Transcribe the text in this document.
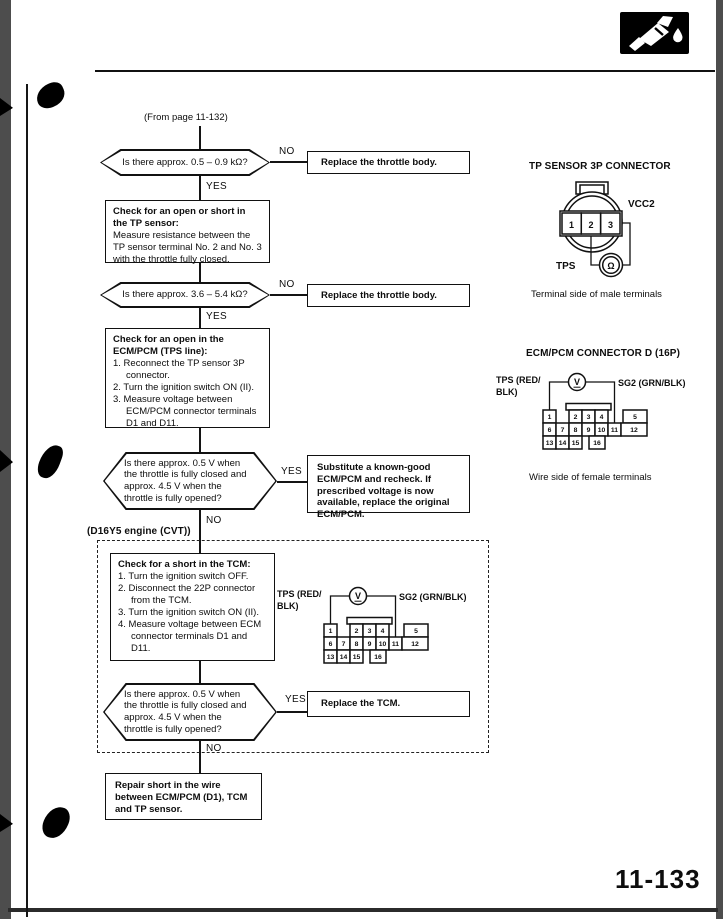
(From page 11-132)
Is there approx. 0.5 – 0.9 kΩ?
NO
Replace the throttle body.
YES
Check for an open or short in the TP sensor:
Measure resistance between the TP sensor terminal No. 2 and No. 3 with the throttle fully closed.
Is there approx. 3.6 – 5.4 kΩ?
NO
Replace the throttle body.
YES
Check for an open in the ECM/PCM (TPS line):
1. Reconnect the TP sensor 3P connector.
2. Turn the ignition switch ON (II).
3. Measure voltage between ECM/PCM connector terminals D1 and D11.
Is there approx. 0.5 V when the throttle is fully closed and approx. 4.5 V when the throttle is fully opened?
YES	Substitute a known-good ECM/PCM and recheck. If prescribed voltage is now available, replace the original ECM/PCM.
NO
(D16Y5 engine (CVT))
Check for a short in the TCM:
1. Turn the ignition switch OFF.
2. Disconnect the 22P connector from the TCM.
3. Turn the ignition switch ON (II).
4. Measure voltage between ECM connector terminals D1 and D11.
V
TPS (RED/
BLK)
SG2 (GRN/BLK)
1	2 3 4	5
6 7 8 9 10 11 12
13 14 15 16
Is there approx. 0.5 V when the throttle is fully closed and approx. 4.5 V when the throttle is fully opened?
YES Replace the TCM.
NO
Repair short in the wire between ECM/PCM (D1), TCM and TP sensor.
TP SENSOR 3P CONNECTOR
1 2 3
Ω
VCC2
TPS
Terminal side of male terminals
ECM/PCM CONNECTOR D (16P)
V
TPS (RED/
BLK)
SG2 (GRN/BLK)
1	2 3 4	5
6 7 8 9 10 11 12
13 14 15 16
Wire side of female terminals
11-133
